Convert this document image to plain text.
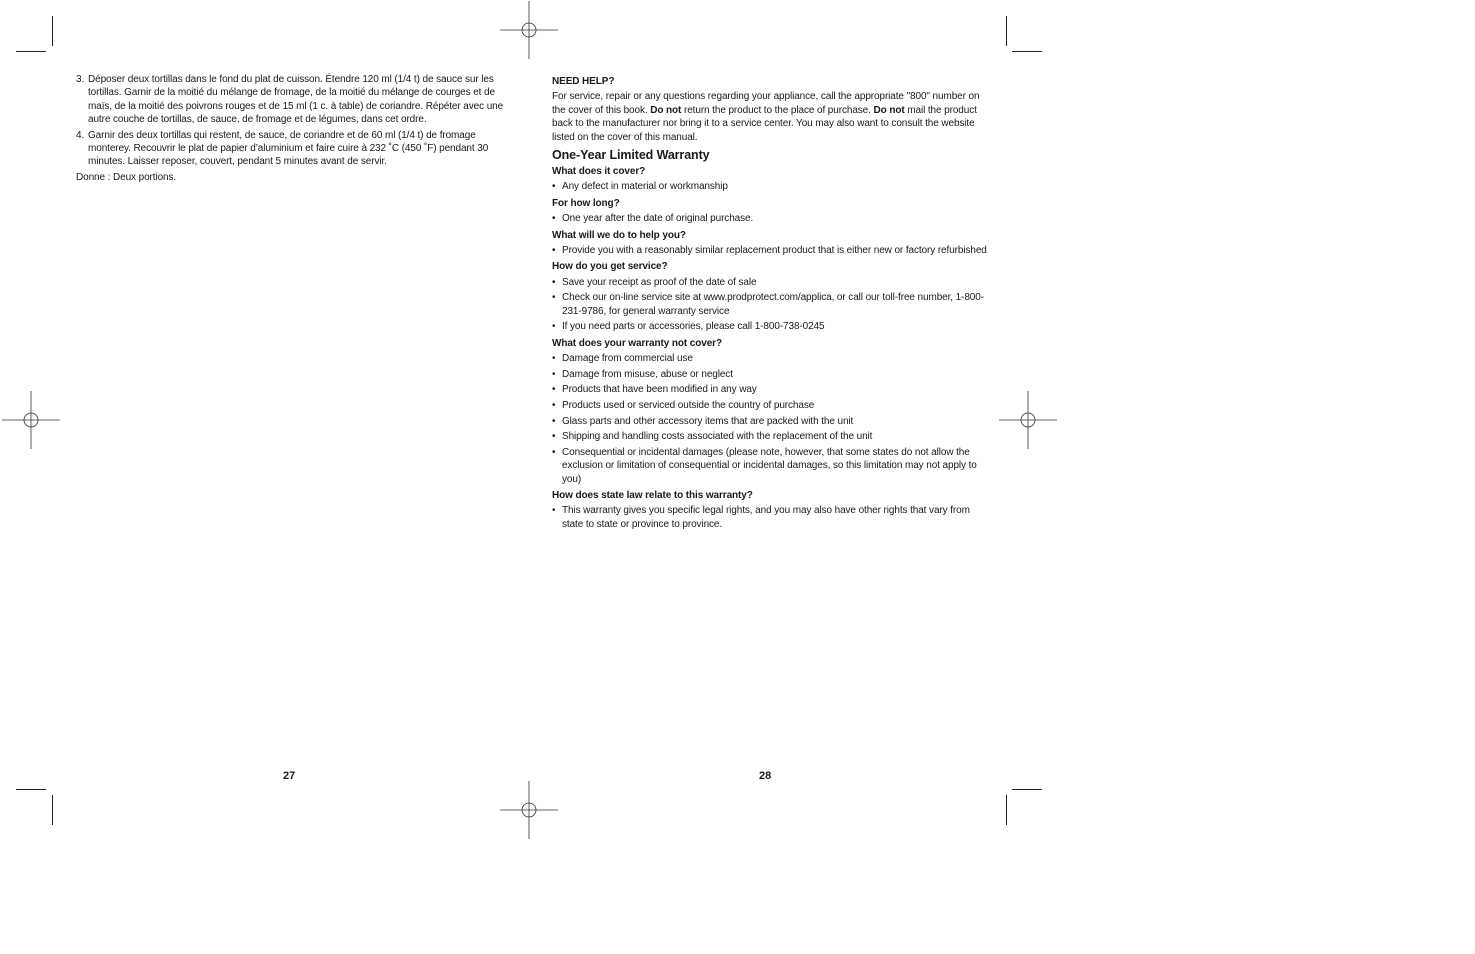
3. Déposer deux tortillas dans le fond du plat de cuisson. Étendre 120 ml (1/4 t) de sauce sur les tortillas. Garnir de la moitié du mélange de fromage, de la moitié du mélange de courges et de maïs, de la moitié des poivrons rouges et de 15 ml (1 c. à table) de coriandre. Répéter avec une autre couche de tortillas, de sauce, de fromage et de légumes, dans cet ordre.
4. Garnir des deux tortillas qui restent, de sauce, de coriandre et de 60 ml (1/4 t) de fromage monterey. Recouvrir le plat de papier d’aluminium et faire cuire à 232 ˚C (450 ˚F) pendant 30 minutes. Laisser reposer, couvert, pendant 5 minutes avant de servir.
Donne : Deux portions.
27
NEED HELP?
For service, repair or any questions regarding your appliance, call the appropriate "800" number on the cover of this book. Do not return the product to the place of purchase. Do not mail the product back to the manufacturer nor bring it to a service center. You may also want to consult the website listed on the cover of this manual.
One-Year Limited Warranty
What does it cover?
• Any defect in material or workmanship
For how long?
• One year after the date of original purchase.
What will we do to help you?
• Provide you with a reasonably similar replacement product that is either new or factory refurbished
How do you get service?
• Save your receipt as proof of the date of sale
• Check our on-line service site at www.prodprotect.com/applica, or call our toll-free number, 1-800-231-9786, for general warranty service
• If you need parts or accessories, please call 1-800-738-0245
What does your warranty not cover?
• Damage from commercial use
• Damage from misuse, abuse or neglect
• Products that have been modified in any way
• Products used or serviced outside the country of purchase
• Glass parts and other accessory items that are packed with the unit
• Shipping and handling costs associated with the replacement of the unit
• Consequential or incidental damages (please note, however, that some states do not allow the exclusion or limitation of consequential or incidental damages, so this limitation may not apply to you)
How does state law relate to this warranty?
• This warranty gives you specific legal rights, and you may also have other rights that vary from state to state or province to province.
28
